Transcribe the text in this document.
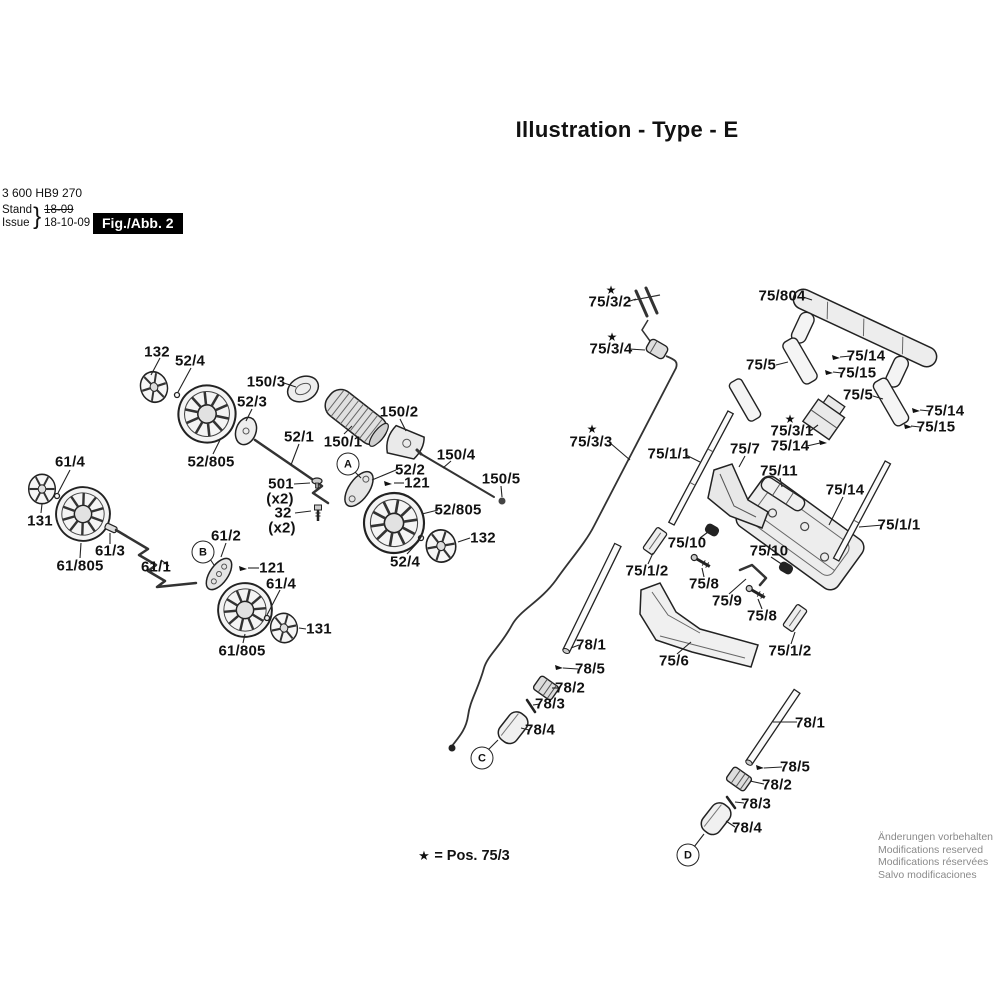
Illustration - Type - E
3 600 HB9 270
Stand
Issue } 18-09
18-10-09 Fig./Abb. 2
132
52/4
150/3
52/3
52/1 150/1
150/2
52/805	52/2
121
501
(x2)
32
(x2)
150/4
150/5
52/805
132
52/4
61/4
131
61/3
61/805 61/1
61/2
121
61/4
131
61/805
75/3/2
75/3/4
75/3/3
75/804
75/5
75/14
75/15
75/5
75/14
75/15
75/3/1
75/14
75/1/1	75/7
75/11
75/14
75/1/1
75/10
75/1/2
75/8
75/9
75/10
75/8
75/6
75/1/2
78/1
78/5
78/2
78/3
78/4	78/1
78/5
78/2
78/3
78/4
★
★
★
★
A
B
C
D
★ = Pos. 75/3
Änderungen vorbehalten
Modifications reserved
Modifications réservées
Salvo modificaciones
